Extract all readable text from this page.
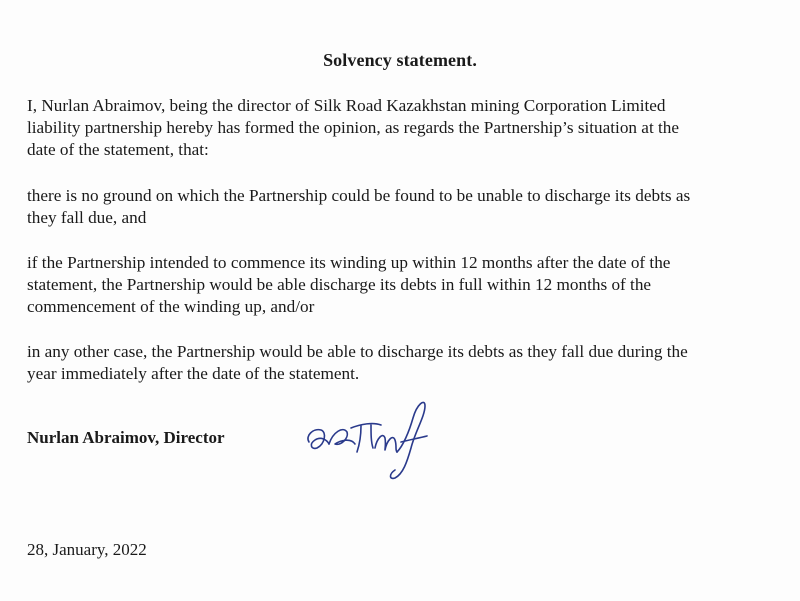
Solvency statement.

I, Nurlan Abraimov, being the director of Silk Road Kazakhstan mining Corporation Limited
liability partnership hereby has formed the opinion, as regards the Partnership’s situation at the
date of the statement, that:

there is no ground on which the Partnership could be found to be unable to discharge its debts as
they fall due, and

if the Partnership intended to commence its winding up within 12 months after the date of the
statement, the Partnership would be able discharge its debts in full within 12 months of the
commencement of the winding up, and/or

in any other case, the Partnership would be able to discharge its debts as they fall due during the
year immediately after the date of the statement.

Nurlan Abraimov, Director
28, January, 2022
